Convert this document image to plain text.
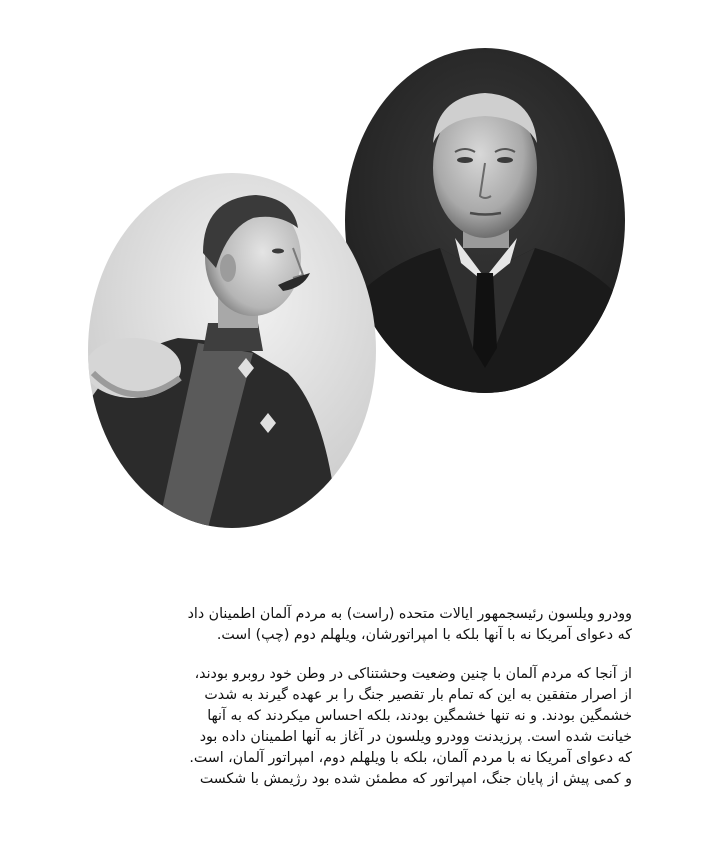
وودرو ویلسون رئیسجمهور ایالات متحده (راست) به مردم آلمان اطمینان داد
که دعوای آمریکا نه با آنها بلکه با امپراتورشان، ویلهلم دوم (چپ) است.
از آنجا که مردم آلمان با چنین وضعیت وحشتناکی در وطن خود روبرو بودند،
از اصرار متفقین به این که تمام بار تقصیر جنگ را بر عهده گیرند به شدت
خشمگین بودند. و نه تنها خشمگین بودند، بلکه احساس میکردند که به آنها
خیانت شده است. پرزیدنت وودرو ویلسون در آغاز به آنها اطمینان داده بود
که دعوای آمریکا نه با مردم آلمان، بلکه با ویلهلم دوم، امپراتور آلمان، است.
و کمی پیش از پایان جنگ، امپراتور که مطمئن شده بود رژیمش با شکست
